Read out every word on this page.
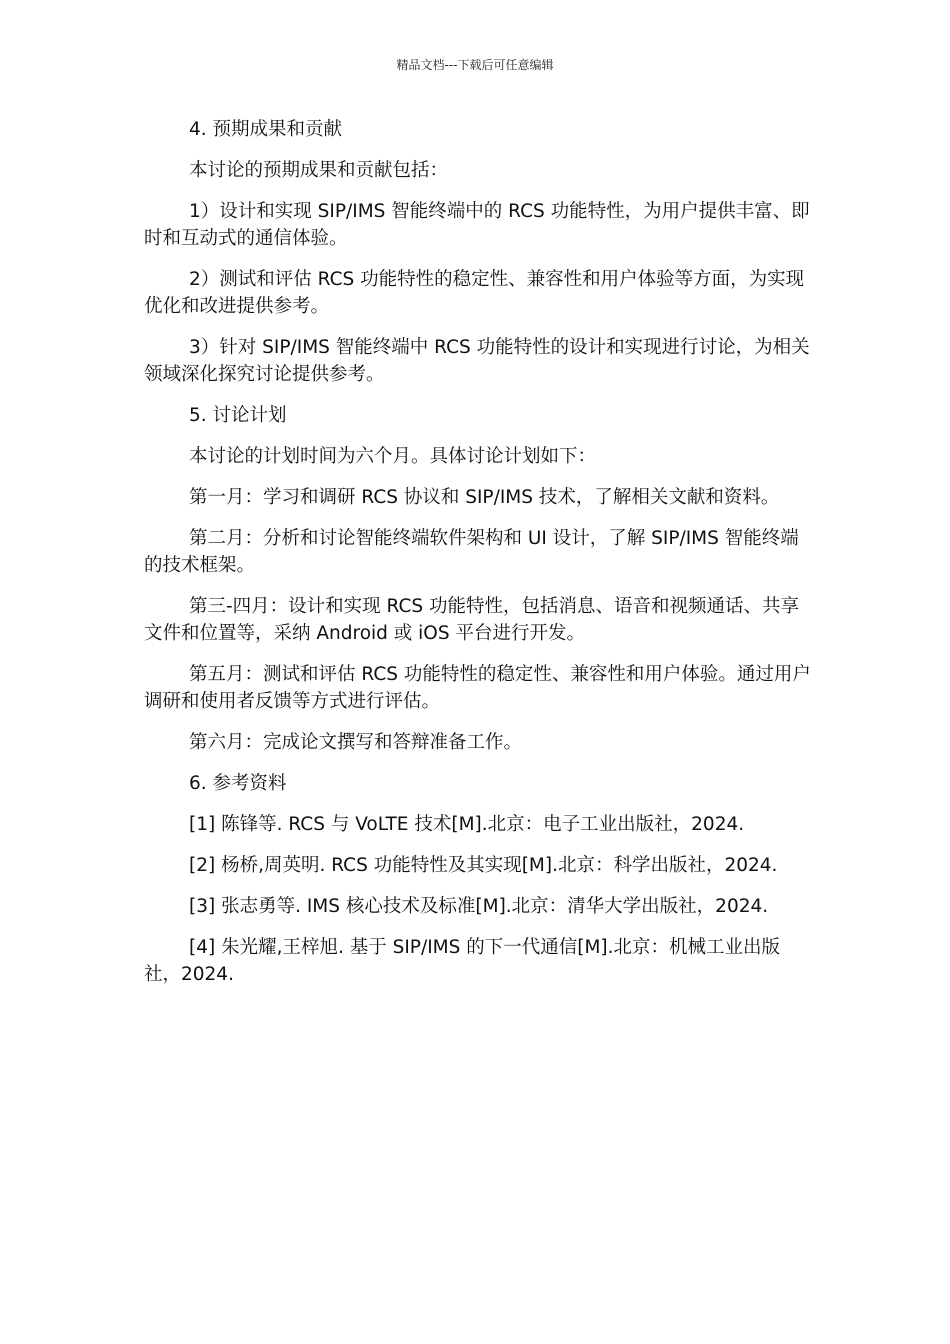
精品文档---下载后可任意编辑

4. 预期成果和贡献

本讨论的预期成果和贡献包括：

1）设计和实现 SIP/IMS 智能终端中的 RCS 功能特性，为用户提供丰富、即时和互动式的通信体验。

2）测试和评估 RCS 功能特性的稳定性、兼容性和用户体验等方面，为实现优化和改进提供参考。

3）针对 SIP/IMS 智能终端中 RCS 功能特性的设计和实现进行讨论，为相关领域深化探究讨论提供参考。

5. 讨论计划

本讨论的计划时间为六个月。具体讨论计划如下：

第一月：学习和调研 RCS 协议和 SIP/IMS 技术，了解相关文献和资料。

第二月：分析和讨论智能终端软件架构和 UI 设计，了解 SIP/IMS 智能终端的技术框架。

第三-四月：设计和实现 RCS 功能特性，包括消息、语音和视频通话、共享文件和位置等，采纳 Android 或 iOS 平台进行开发。

第五月：测试和评估 RCS 功能特性的稳定性、兼容性和用户体验。通过用户调研和使用者反馈等方式进行评估。

第六月：完成论文撰写和答辩准备工作。

6. 参考资料

[1] 陈锋等. RCS 与 VoLTE 技术[M].北京：电子工业出版社，2024.

[2] 杨桥,周英明. RCS 功能特性及其实现[M].北京：科学出版社，2024.

[3] 张志勇等. IMS 核心技术及标准[M].北京：清华大学出版社，2024.

[4] 朱光耀,王梓旭. 基于 SIP/IMS 的下一代通信[M].北京：机械工业出版社，2024.
